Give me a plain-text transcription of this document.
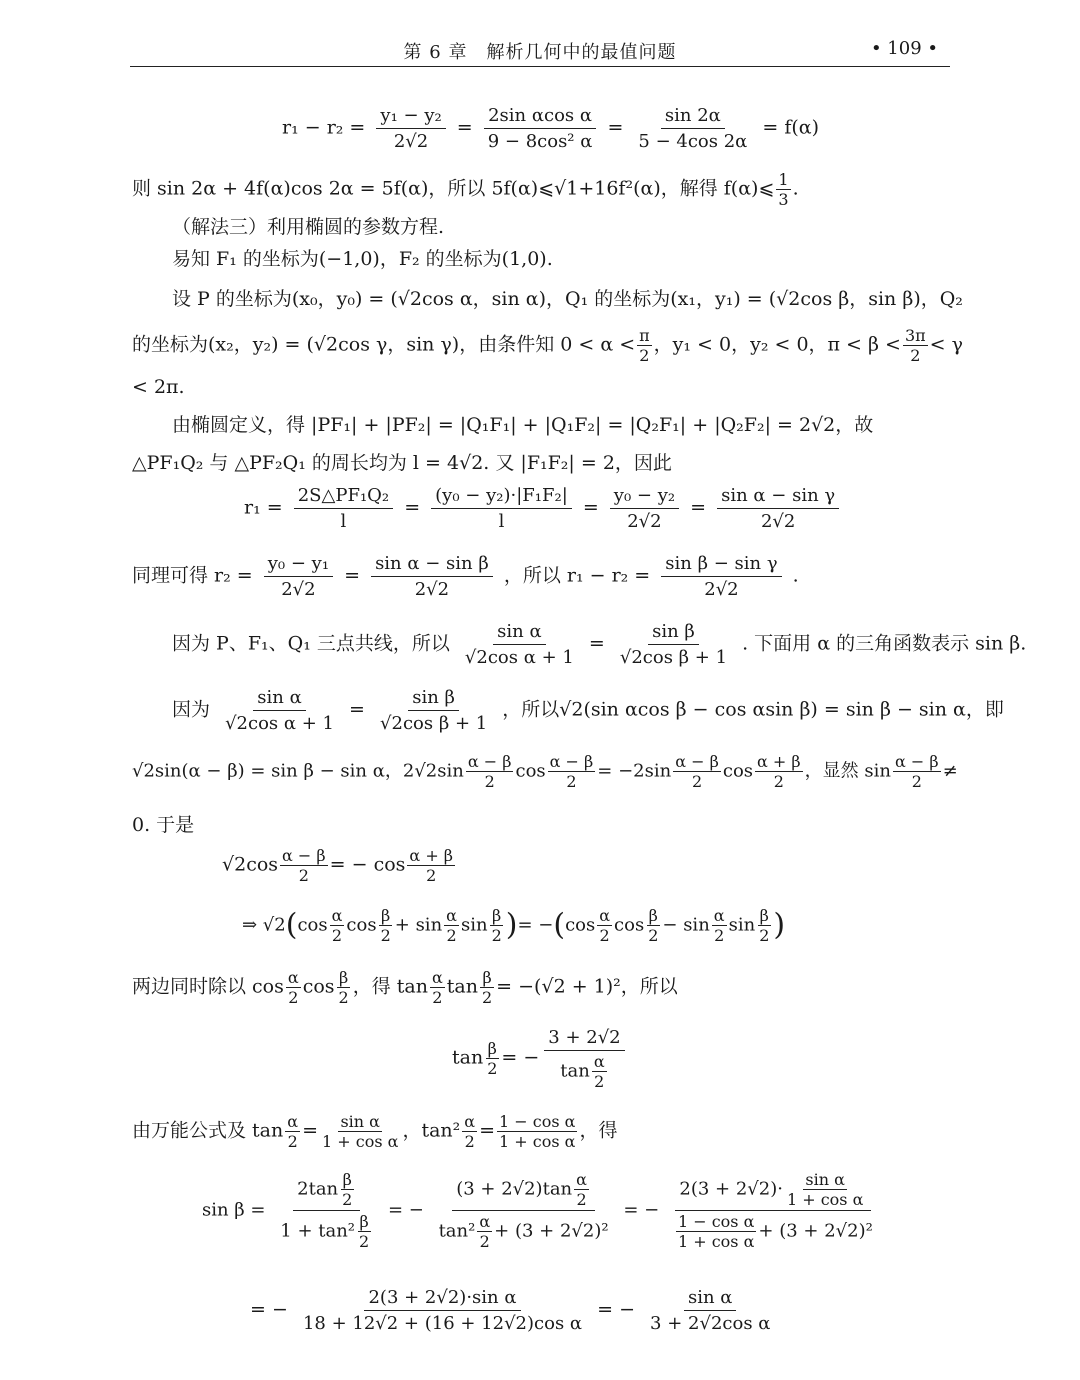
第 6 章　解析几何中的最值问题	• 109 •
$r_1 - r_2 = \frac{\text{y₁ − y₂}}{2√2} = \frac{\text{2sin αcos α}}{\text{9 − 8cos² α}} = \frac{\sin 2\alpha}{5 - 4\cos 2\alpha} = f(\alpha)$
则 sin 2α + 4f(α)cos 2α = 5f(α)，所以 5f(α)⩽√1+16f²(α)，解得 f(α)⩽ $\frac{1}{3}$ .
（解法三）利用椭圆的参数方程.
易知 F₁ 的坐标为(−1,0)，F₂ 的坐标为(1,0).
设 P 的坐标为(x₀，y₀) = (√2cos α，sin α)，Q₁ 的坐标为(x₁，y₁) = (√2cos β，sin β)，Q₂
的坐标为(x₂，y₂) = (√2cos γ，sin γ)，由条件知 $0 < \alpha < \frac{\pi}{2}$ ，y₁ < 0，y₂ < 0，$\pi < \beta < \frac{3\pi}{2} < \gamma$
< 2π.
由椭圆定义，得 |PF₁| + |PF₂| = |Q₁F₁| + |Q₁F₂| = |Q₂F₁| + |Q₂F₂| = 2√2，故
△PF₁Q₂ 与 △PF₂Q₁ 的周长均为 l = 4√2. 又 |F₁F₂| = 2，因此
$r_1 = \frac{\text{2S△PF₁Q₂}}{l} = \frac{\text{(y₀ − y₂)·|F₁F₂|}}{l} = \frac{\text{y₀ − y₂}}{2√2} = \frac{\text{sin α − sin γ}}{2√2}$
同理可得 $r_2 = \frac{\text{y₀ − y₁}}{2√2} = \frac{\text{sin α − sin β}}{2√2}$ ，所以 $r_1 - r_2 = \frac{\text{sin β − sin γ}}{2√2}$ .
因为 P、F₁、Q₁ 三点共线，所以 $\frac{\text{sin α}}{\text{√2cos α + 1}} = \frac{\text{sin β}}{\text{√2cos β + 1}}$ . 下面用 α 的三角函数表示 sin β.
因为 $\frac{\text{sin α}}{\text{√2cos α + 1}} = \frac{\text{sin β}}{\text{√2cos β + 1}}$ ，所以√2(sin αcos β − cos αsin β) = sin β − sin α，即
√2sin(α − β) = sin β − sin α，$2√2\sin \frac{\alpha - \beta}{2}$ $\cos \frac{\alpha - \beta}{2} = -2\sin \frac{\alpha - \beta}{2}$ $\cos \frac{\alpha + \beta}{2}$ ，显然 $\sin \frac{\alpha - \beta}{2}$ ≠
0. 于是
$√2\cos \frac{\alpha - \beta}{2}$ = − $\cos \frac{\alpha + \beta}{2}$
⇒ $√2(\cos \frac{\alpha}{2}$ $\cos \frac{\beta}{2} + \sin \frac{\alpha}{2}$ $\sin \frac{\beta}{2}$ )= $-(\cos \frac{\alpha}{2}$ $\cos \frac{\beta}{2} - \sin \frac{\alpha}{2}$ $\sin \frac{\beta}{2}$ )
两边同时除以 $\cos \frac{\alpha}{2}$ $\cos \frac{\beta}{2}$ ，得 $\tan \frac{\alpha}{2}$ $\tan \frac{\beta}{2} = -(√2 + 1)^2$，所以
$\tan \frac{\beta}{2}$ = − $\frac{3 + 2√2}{\tan \frac{\alpha}{2}}$
由万能公式及 $\tan \frac{\alpha}{2} = \frac{\text{sin α}}{\text{1 + cos α}}$ ，$\tan^2 \frac{\alpha}{2} = \frac{\text{1 − cos α}}{\text{1 + cos α}}$ ，得
$\sin \beta = \frac{2\tan \frac{\beta}{2}}{1 + \tan^2 \frac{\beta}{2}}$ = − $\frac{(3 + 2√2)\tan \frac{\alpha}{2}}{\tan^2 \frac{\alpha}{2} + (3 + 2√2)^2}$ = − $\frac{2(3 + 2√2)\cdot \frac{\text{sin α}}{\text{1 + cos α}}}{\frac{\text{1 − cos α}}{\text{1 + cos α}} + (3 + 2√2)^2}$
= − $\frac{\text{2(3 + 2√2)·sin α}}{\text{18 + 12√2 + (16 + 12√2)cos α}}$ = − $\frac{\text{sin α}}{\text{3 + 2√2cos α}}$
